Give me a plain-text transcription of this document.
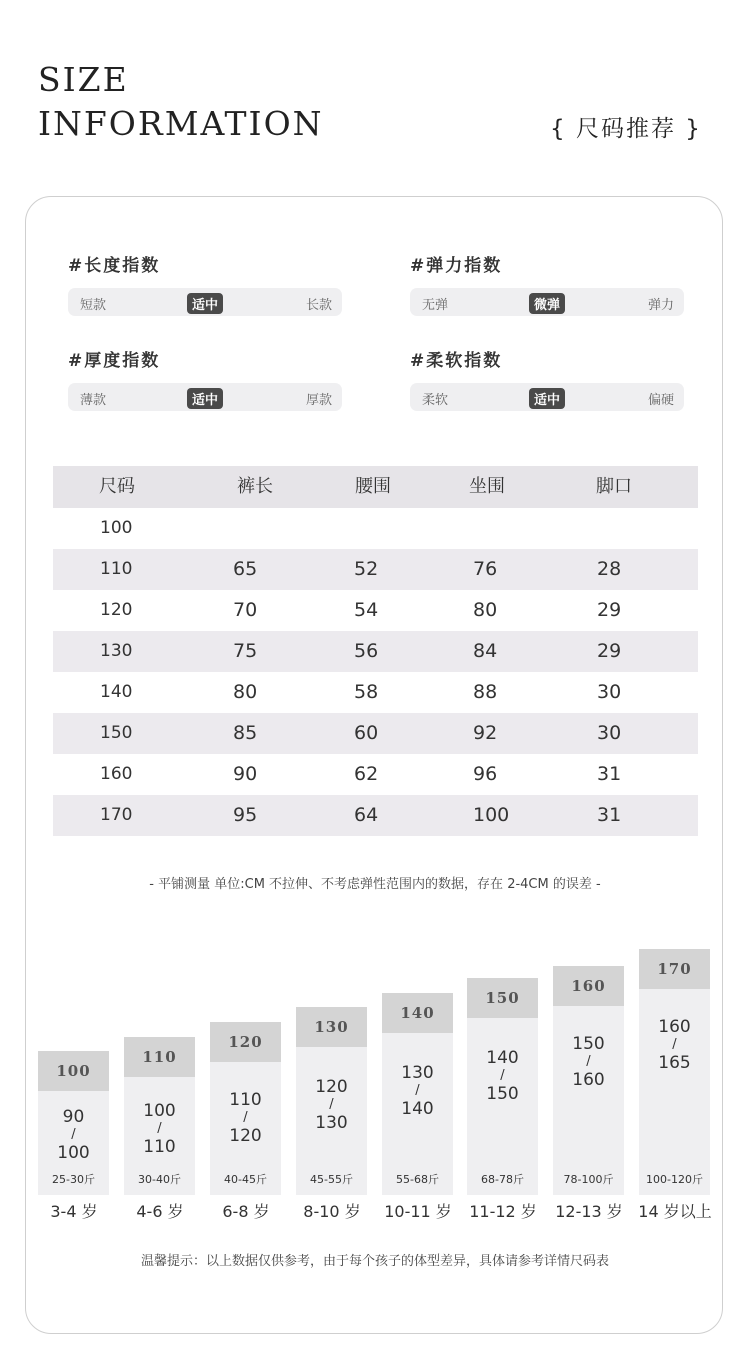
SIZE
INFORMATION	{ 尺码推荐 }
#长度指数
短款	适中	长款
#弹力指数
无弹	微弹	弹力
#厚度指数
薄款	适中	厚款
#柔软指数
柔软	适中	偏硬
尺码	裤长	腰围	坐围	脚口
100
110	65	52	76	28
120	70	54	80	29
130	75	56	84	29
140	80	58	88	30
150	85	60	92	30
160	90	62	96	31
170	95	64	100	31
- 平铺测量 单位:CM 不拉伸、不考虑弹性范围内的数据，存在 2-4CM 的误差 -
100
90
/
100
25-30斤
110
100
/
110
30-40斤
120
110
/
120
40-45斤
130
120
/
130
45-55斤
140
130
/
140
55-68斤
150
140
/
150
68-78斤
160
150
/
160
78-100斤
170
160
/
165
100-120斤
3-4 岁	4-6 岁	6-8 岁	8-10 岁	10-11 岁	11-12 岁	12-13 岁 14 岁以上
温馨提示：以上数据仅供参考，由于每个孩子的体型差异，具体请参考详情尺码表
